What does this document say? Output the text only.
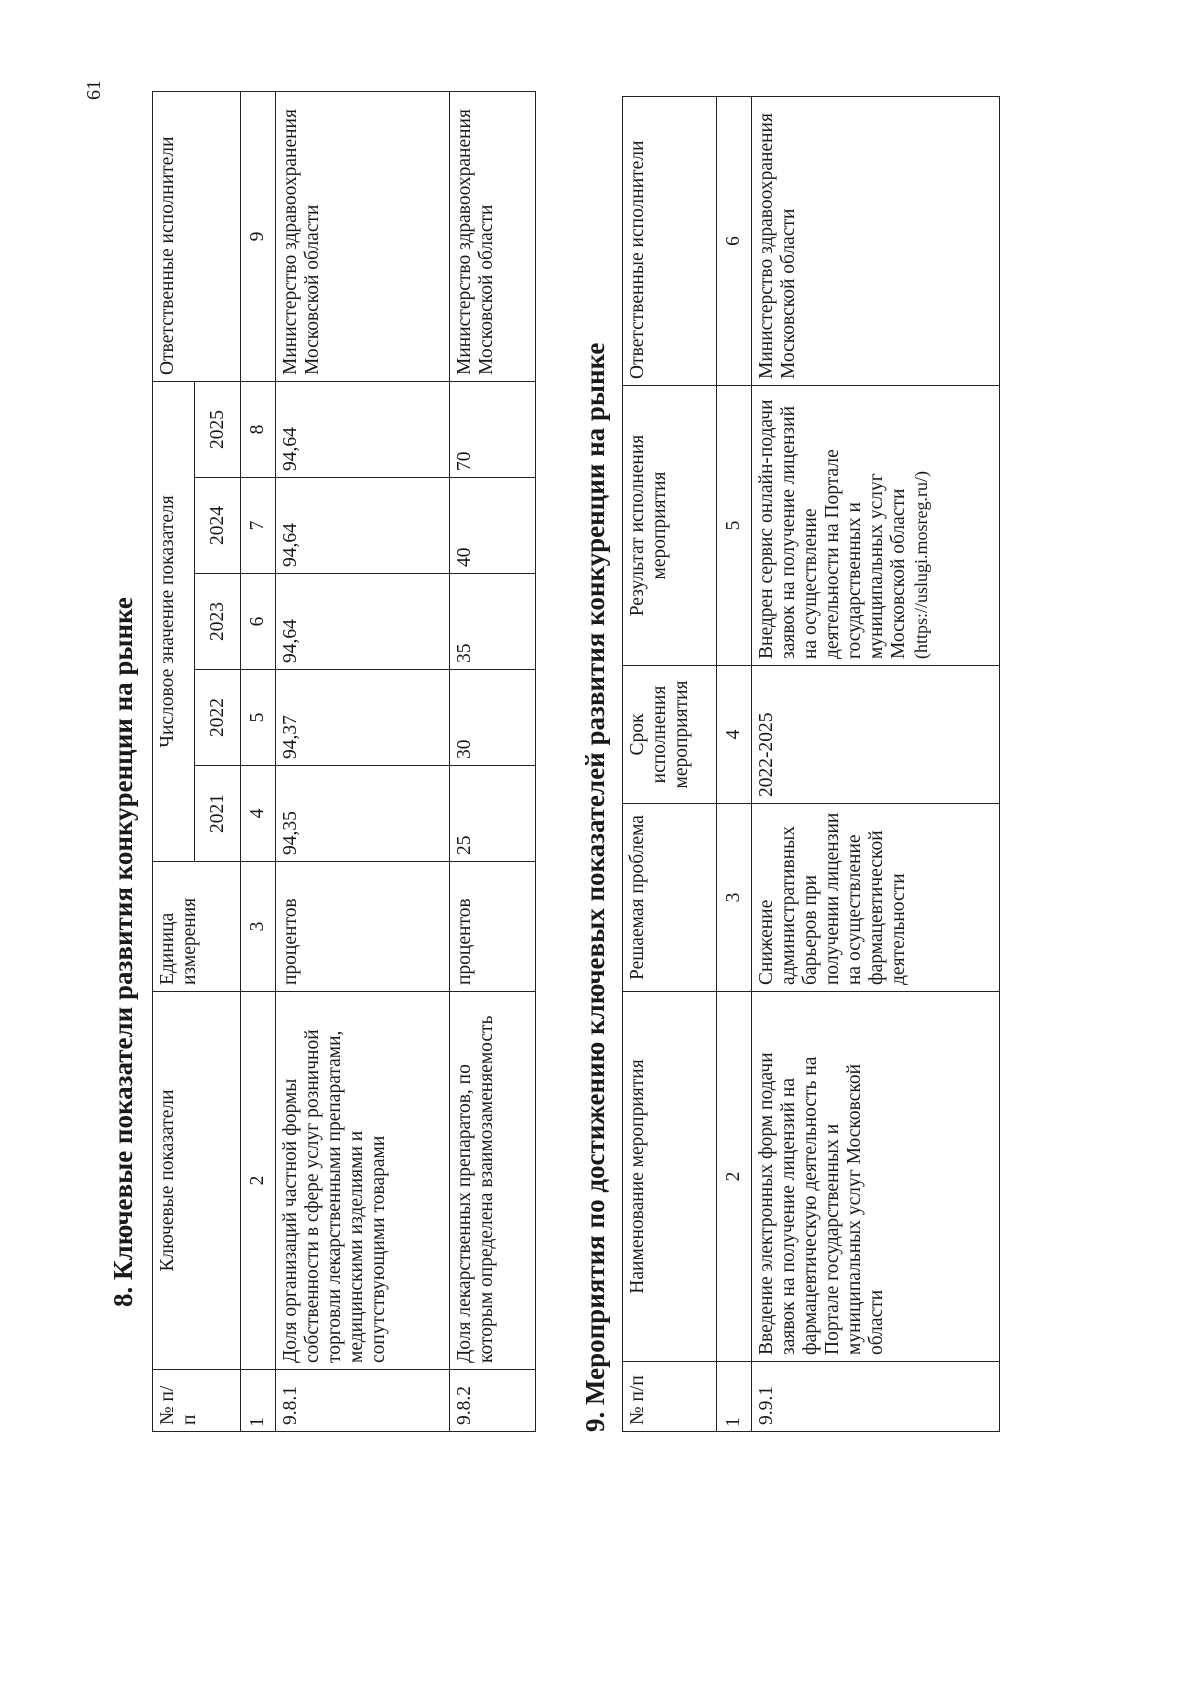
61
8. Ключевые показатели развития конкуренции на рынке
№ п/п	Ключевые показатели	Единица измерения	Числовое значение показателя					Ответственные исполнители
			2021	2022	2023	2024	2025	
1	2	3	4	5	6	7	8	9
9.8.1	Доля организаций частной формы собственности в сфере услуг розничной торговли лекарственными препаратами, медицинскими изделиями и сопутствующими товарами	процентов	94,35	94,37	94,64	94,64	94,64	Министерство здравоохранения Московской области
9.8.2	Доля лекарственных препаратов, по которым определена взаимозаменяемость	процентов	25	30	35	40	70	Министерство здравоохранения Московской области
9. Мероприятия по достижению ключевых показателей развития конкуренции на рынке № п/п	Наименование мероприятия	Решаемая проблема	Срок исполнения мероприятия	Результат исполнения мероприятия	Ответственные исполнители
1	2	3	4	5	6
9.9.1	Введение электронных форм подачи заявок на получение лицензий на фармацевтическую деятельность на Портале государственных и муниципальных услуг Московской области	Снижение административных барьеров при получении лицензии на осуществление фармацевтической деятельности	2022-2025	Внедрен сервис онлайн-подачи заявок на получение лицензий на осуществление деятельности на Портале государственных и муниципальных услуг Московской области (https://uslugi.mosreg.ru/)	Министерство здравоохранения Московской области
